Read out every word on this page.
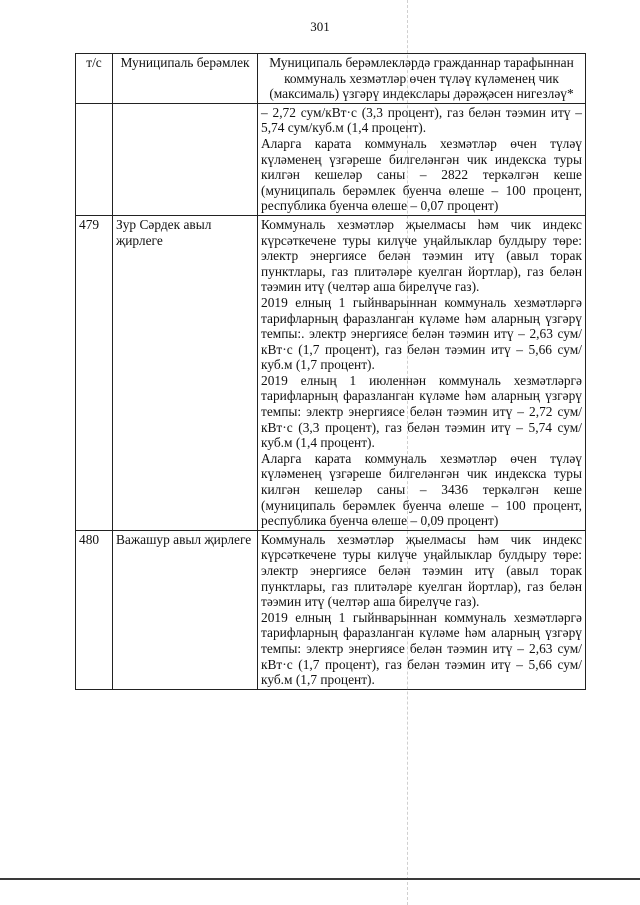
301
т/с	Муниципаль берәмлек	Муниципаль берәмлекләрдә гражданнар тарафыннан коммуналь хезмәтләр өчен түләү күләменең чик (максималь) үзгәрү индекслары дәрәҗәсен нигезләү*

		– 2,72 сум/кВт·с (3,3 процент), газ белән тәэмин итү – 5,74 сум/куб.м (1,4 процент).

Аларга карата коммуналь хезмәтләр өчен түләү күләменең үзгәреше билгеләнгән чик индекска туры килгән кешеләр саны – 2822 теркәлгән кеше (муниципаль берәмлек буенча өлеше – 100 процент, республика буенча өлеше – 0,07 процент)

479	Зур Сәрдек авыл җирлеге	Коммуналь хезмәтләр җыелмасы һәм чик индекс күрсәткечене туры килүче уңайлыклар булдыру төре: электр энергиясе белән тәэмин итү (авыл торак пунктлары, газ плитәләре куелган йортлар), газ белән тәэмин итү (челтәр аша бирелүче газ).

2019 елның 1 гыйнварыннан коммуналь хезмәтләргә тарифларның фаразланган күләме һәм аларның үзгәрү темпы:. электр энергиясе белән тәэмин итү – 2,63 сум/кВт·с (1,7 процент), газ белән тәэмин итү – 5,66 сум/куб.м (1,7 процент).

2019 елның 1 июленнән коммуналь хезмәтләргә тарифларның фаразланган күләме һәм аларның үзгәрү темпы: электр энергиясе белән тәэмин итү – 2,72 сум/кВт·с (3,3 процент), газ белән тәэмин итү – 5,74 сум/куб.м (1,4 процент).

Аларга карата коммуналь хезмәтләр өчен түләү күләменең үзгәреше билгеләнгән чик индекска туры килгән кешеләр саны – 3436 теркәлгән кеше (муниципаль берәмлек буенча өлеше – 100 процент, республика буенча өлеше – 0,09 процент)

480	Важашур авыл җирлеге	Коммуналь хезмәтләр җыелмасы һәм чик индекс күрсәткечене туры килүче уңайлыклар булдыру төре: электр энергиясе белән тәэмин итү (авыл торак пунктлары, газ плитәләре куелган йортлар), газ белән тәэмин итү (челтәр аша бирелүче газ).

2019 елның 1 гыйнварыннан коммуналь хезмәтләргә тарифларның фаразланган күләме һәм аларның үзгәрү темпы: электр энергиясе белән тәэмин итү – 2,63 сум/кВт·с (1,7 процент), газ белән тәэмин итү – 5,66 сум/куб.м (1,7 процент).
